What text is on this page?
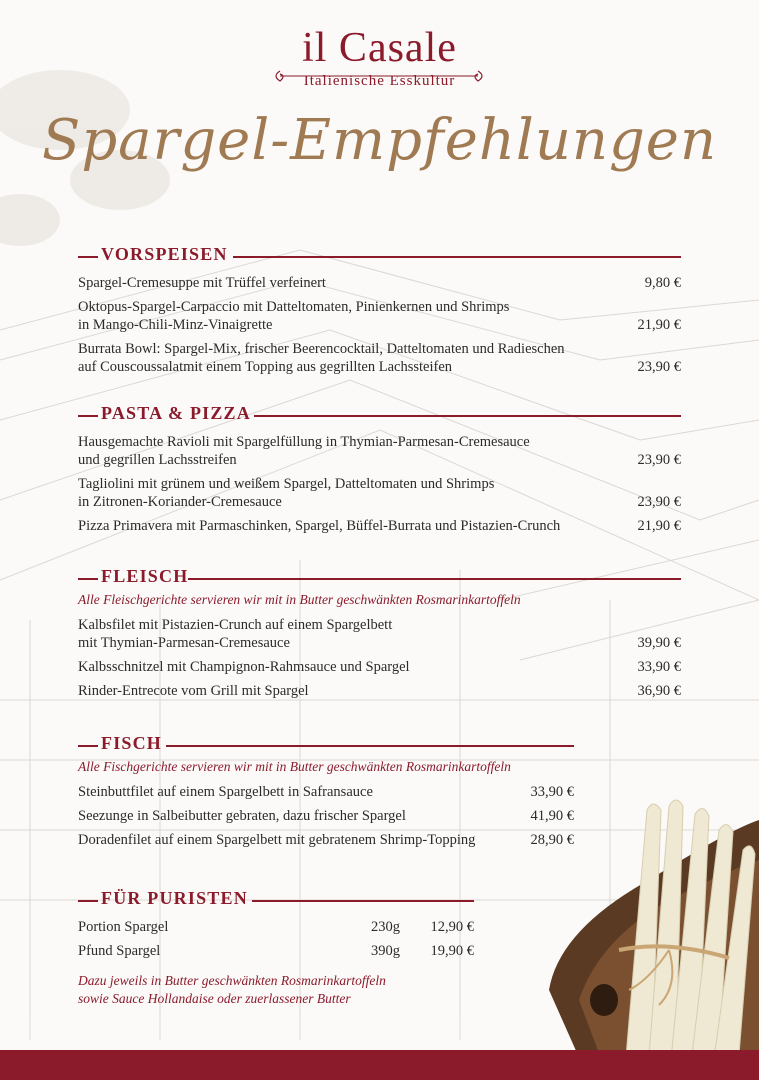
il Casale
Italienische Esskultur
Spargel-Empfehlungen
VORSPEISEN
Spargel-Cremesuppe mit Trüffel verfeinert	9,80 €
Oktopus-Spargel-Carpaccio mit Datteltomaten, Pinienkernen und Shrimps
in Mango-Chili-Minz-Vinaigrette	21,90 €
Burrata Bowl: Spargel-Mix, frischer Beerencocktail, Datteltomaten und Radieschen
auf Couscoussalatmit einem Topping aus gegrillten Lachssteifen	23,90 €
PASTA & PIZZA
Hausgemachte Ravioli mit Spargelfüllung in Thymian-Parmesan-Cremesauce
und gegrillen Lachsstreifen	23,90 €
Tagliolini mit grünem und weißem Spargel, Datteltomaten und Shrimps
in Zitronen-Koriander-Cremesauce	23,90 €
Pizza Primavera mit Parmaschinken, Spargel, Büffel-Burrata und Pistazien-Crunch	21,90 €
FLEISCH
Alle Fleischgerichte servieren wir mit in Butter geschwänkten Rosmarinkartoffeln
Kalbsfilet mit Pistazien-Crunch auf einem Spargelbett
mit Thymian-Parmesan-Cremesauce	39,90 €
Kalbsschnitzel mit Champignon-Rahmsauce und Spargel	33,90 €
Rinder-Entrecote vom Grill mit Spargel	36,90 €
FISCH
Alle Fischgerichte servieren wir mit in Butter geschwänkten Rosmarinkartoffeln
Steinbuttfilet auf einem Spargelbett in Safransauce	33,90 €
Seezunge in Salbeibutter gebraten, dazu frischer Spargel	41,90 €
Doradenfilet auf einem Spargelbett mit gebratenem Shrimp-Topping	28,90 €
FÜR PURISTEN
Portion Spargel	230g 12,90 €
Pfund Spargel	390g 19,90 €
Dazu jeweils in Butter geschwänkten Rosmarinkartoffeln
sowie Sauce Hollandaise oder zuerlassener Butter
